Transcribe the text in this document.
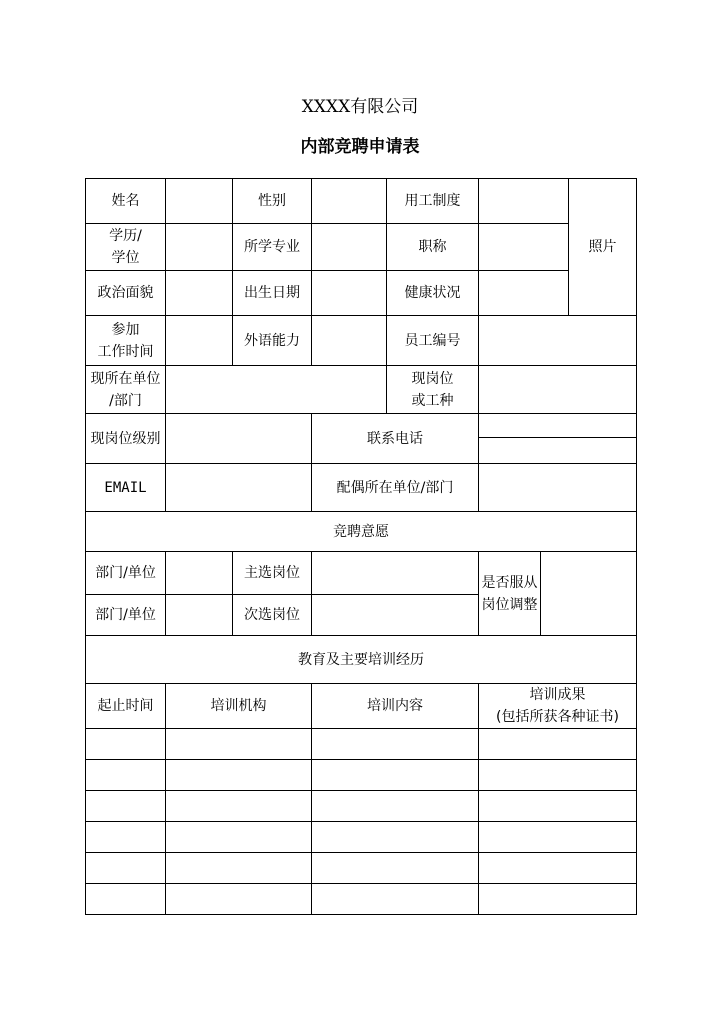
XXXX有限公司
内部竞聘申请表
姓名		性别		用工制度			照片
学历/
学位		所学专业		职称			
政治面貌		出生日期		健康状况			
参加
工作时间		外语能力		员工编号			
现所在单位
/部门				现岗位
或工种			
现岗位级别			联系电话				

EMAIL			配偶所在单位/部门				
竞聘意愿							
部门/单位		主选岗位			是否服从
岗位调整		
部门/单位		次选岗位					
教育及主要培训经历							
起止时间	培训机构		培训内容		培训成果
(包括所获各种证书)		
